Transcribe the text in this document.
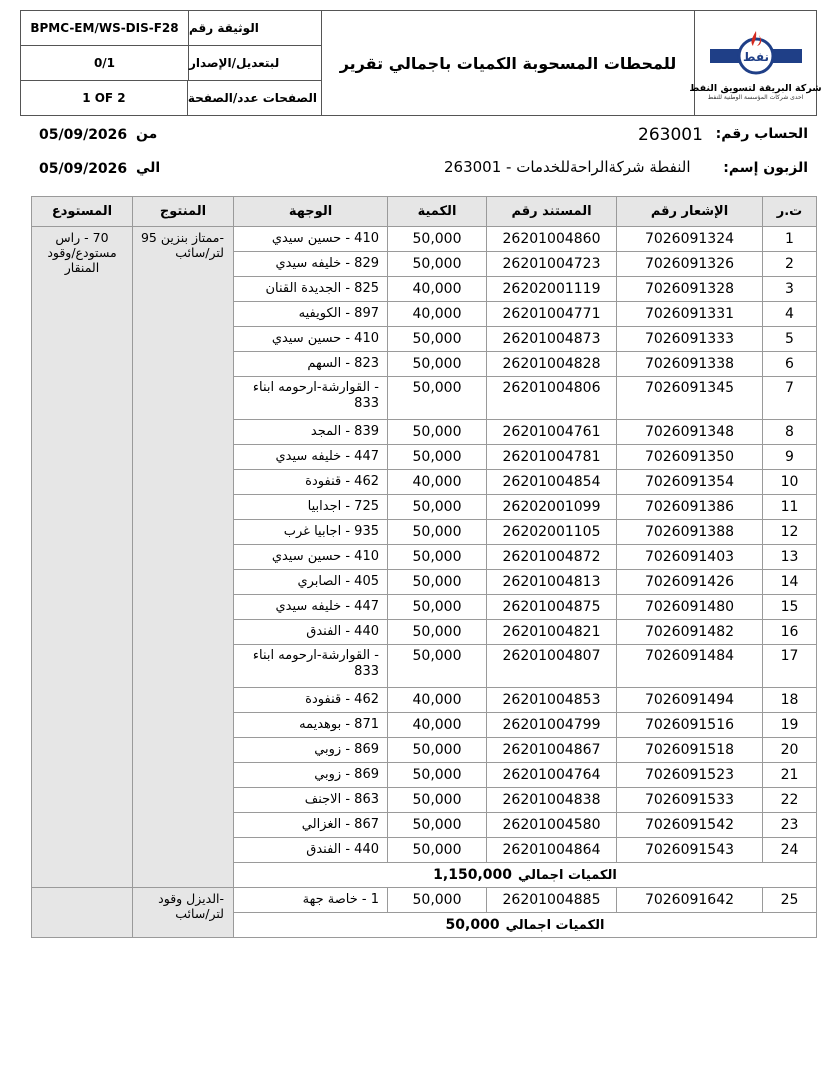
BPMC-EM/WS-DIS-F28 الوثيقة رقم
0/1	لبتعديل/الإصدار
1 OF 2	الصفحات عدد/الصفحة
للمحطات المسحوبة الكميات باجمالي تقرير	نفط
شركة البريقة لتسويق النفط
احدى شركات المؤسسة الوطنية للنفط
الحساب رقم:
263001
الزبون إسم:
النفطة شركةالراحةللخدمات - 263001
من
05/09/2026
الي
05/09/2026
ت.ر	الإشعار رقم	المستند رقم	الكمية	الوجهة	المنتوج	المستودع
1	7026091324	26201004860	50,000	410 - حسين سيدي	-ممتاز بنزين 95 لتر/سائب	70 - راس مستودع/وقود المنقار
2	7026091326	26201004723	50,000	829 - خليفه سيدي		
3	7026091328	26202001119	40,000	825 - الجديدة القنان		
4	7026091331	26201004771	40,000	897 - الكويفيه		
5	7026091333	26201004873	50,000	410 - حسين سيدي		
6	7026091338	26201004828	50,000	823 - السهم		
7	7026091345	26201004806	50,000	- القوارشة-ارحومه ابناء 833		
8	7026091348	26201004761	50,000	839 - المجد		
9	7026091350	26201004781	50,000	447 - خليفه سيدي		
10	7026091354	26201004854	40,000	462 - قنفودة		
11	7026091386	26202001099	50,000	725 - اجدابيا		
12	7026091388	26202001105	50,000	935 - اجابيا غرب		
13	7026091403	26201004872	50,000	410 - حسين سيدي		
14	7026091426	26201004813	50,000	405 - الصابري		
15	7026091480	26201004875	50,000	447 - خليفه سيدي		
16	7026091482	26201004821	50,000	440 - الفندق		
17	7026091484	26201004807	50,000	- القوارشة-ارحومه ابناء 833		
18	7026091494	26201004853	40,000	462 - قنفودة		
19	7026091516	26201004799	40,000	871 - بوهديمه		
20	7026091518	26201004867	50,000	869 - زوبي		
21	7026091523	26201004764	50,000	869 - زوبي		
22	7026091533	26201004838	50,000	863 - الاجنف		
23	7026091542	26201004580	50,000	867 - الغزالي		
24	7026091543	26201004864	50,000	440 - الفندق		
الكميات اجمالي1,150,000						
25	7026091642	26201004885	50,000	1 - خاصة جهة	-الديزل وقود لتر/سائب	

الكميات اجمالي50,000						
